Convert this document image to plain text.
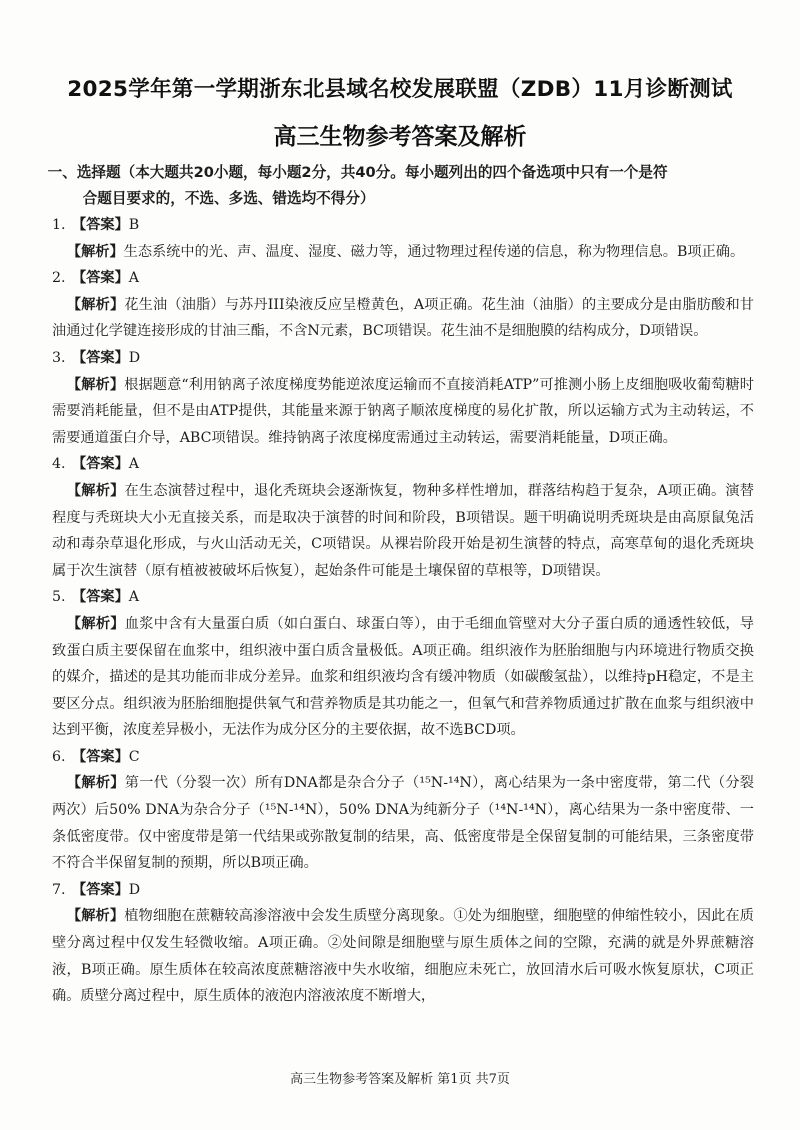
2025学年第一学期浙东北县域名校发展联盟（ZDB）11月诊断测试
高三生物参考答案及解析
一、选择题（本大题共20小题，每小题2分，共40分。每小题列出的四个备选项中只有一个是符
合题目要求的，不选、多选、错选均不得分）
1. 【答案】B
【解析】生态系统中的光、声、温度、湿度、磁力等，通过物理过程传递的信息，称为物理信息。B项正确。
2. 【答案】A
【解析】花生油（油脂）与苏丹III染液反应呈橙黄色，A项正确。花生油（油脂）的主要成分是由脂肪酸和甘油通过化学键连接形成的甘油三酯，不含N元素，BC项错误。花生油不是细胞膜的结构成分，D项错误。
3. 【答案】D
【解析】根据题意“利用钠离子浓度梯度势能逆浓度运输而不直接消耗ATP”可推测小肠上皮细胞吸收葡萄糖时需要消耗能量，但不是由ATP提供，其能量来源于钠离子顺浓度梯度的易化扩散，所以运输方式为主动转运，不需要通道蛋白介导，ABC项错误。维持钠离子浓度梯度需通过主动转运，需要消耗能量，D项正确。
4. 【答案】A
【解析】在生态演替过程中，退化秃斑块会逐渐恢复，物种多样性增加，群落结构趋于复杂，A项正确。演替程度与秃斑块大小无直接关系，而是取决于演替的时间和阶段，B项错误。题干明确说明秃斑块是由高原鼠兔活动和毒杂草退化形成，与火山活动无关，C项错误。从裸岩阶段开始是初生演替的特点，高寒草甸的退化秃斑块属于次生演替（原有植被被破坏后恢复），起始条件可能是土壤保留的草根等，D项错误。
5. 【答案】A
【解析】血浆中含有大量蛋白质（如白蛋白、球蛋白等），由于毛细血管壁对大分子蛋白质的通透性较低，导致蛋白质主要保留在血浆中，组织液中蛋白质含量极低。A项正确。组织液作为胚胎细胞与内环境进行物质交换的媒介，描述的是其功能而非成分差异。血浆和组织液均含有缓冲物质（如碳酸氢盐），以维持pH稳定，不是主要区分点。组织液为胚胎细胞提供氧气和营养物质是其功能之一，但氧气和营养物质通过扩散在血浆与组织液中达到平衡，浓度差异极小，无法作为成分区分的主要依据，故不选BCD项。
6. 【答案】C
【解析】第一代（分裂一次）所有DNA都是杂合分子（¹⁵N-¹⁴N），离心结果为一条中密度带，第二代（分裂两次）后50% DNA为杂合分子（¹⁵N-¹⁴N），50% DNA为纯新分子（¹⁴N-¹⁴N），离心结果为一条中密度带、一条低密度带。仅中密度带是第一代结果或弥散复制的结果，高、低密度带是全保留复制的可能结果，三条密度带不符合半保留复制的预期，所以B项正确。
7. 【答案】D
【解析】植物细胞在蔗糖较高渗溶液中会发生质壁分离现象。①处为细胞壁，细胞壁的伸缩性较小，因此在质壁分离过程中仅发生轻微收缩。A项正确。②处间隙是细胞壁与原生质体之间的空隙，充满的就是外界蔗糖溶液，B项正确。原生质体在较高浓度蔗糖溶液中失水收缩，细胞应未死亡，放回清水后可吸水恢复原状，C项正确。质壁分离过程中，原生质体的液泡内溶液浓度不断增大，
高三生物参考答案及解析 第1页 共7页
